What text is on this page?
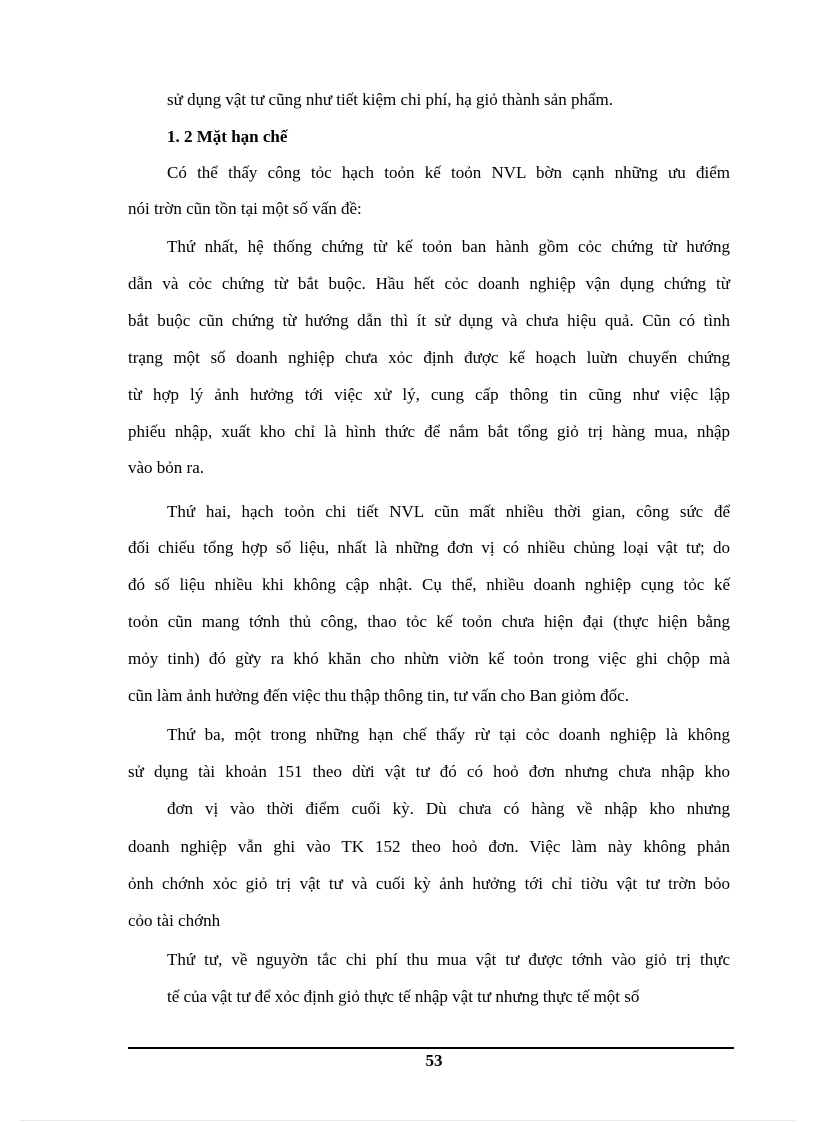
sử dụng vật tư cũng như tiết kiệm chi phí, hạ giỏ thành sản phẩm.
1. 2 Mặt hạn chế
Có thể thấy công tỏc hạch toỏn kế toỏn NVL bờn cạnh những ưu điểm
nói trờn cũn tồn tại một số vấn đề:
Thứ nhất, hệ thống chứng từ kế toỏn ban hành gồm cỏc chứng từ hướng
dẫn và cỏc chứng từ bắt buộc. Hầu hết cỏc doanh nghiệp vận dụng chứng từ
bắt buộc cũn chứng từ hướng dẫn thì ít sử dụng và chưa hiệu quả. Cũn có tình
trạng một số doanh nghiệp chưa xỏc định được kế hoạch luừn chuyển chứng
từ hợp lý ảnh hưởng tới việc xử lý, cung cấp thông tin cũng như việc lập
phiếu nhập, xuất kho chỉ là hình thức để nắm bắt tổng giỏ trị hàng mua, nhập
vào bỏn ra.
Thứ hai, hạch toỏn chi tiết NVL cũn mất nhiều thời gian, công sức để
đối chiếu tổng hợp số liệu, nhất là những đơn vị có nhiều chủng loại vật tư; do
đó số liệu nhiều khi không cập nhật. Cụ thể, nhiều doanh nghiệp cụng tỏc kế
toỏn cũn mang tớnh thủ công, thao tỏc kế toỏn chưa hiện đại (thực hiện bằng
mỏy tinh) đó gừy ra khó khăn cho nhừn viờn kế toỏn trong việc ghi chộp mà
cũn làm ảnh hưởng đến việc thu thập thông tin, tư vấn cho Ban giỏm đốc.
Thứ ba, một trong những hạn chế thấy rừ tại cỏc doanh nghiệp là không
sử dụng tài khoản 151 theo dừi vật tư đó có hoỏ đơn nhưng chưa nhập kho
đơn vị vào thời điểm cuối kỳ. Dù chưa có hàng về nhập kho nhưng
doanh nghiệp vẫn ghi vào TK 152 theo hoỏ đơn. Việc làm này không phản
ỏnh chớnh xỏc giỏ trị vật tư và cuối kỳ ảnh hưởng tới chỉ tiờu vật tư trờn bỏo
cỏo tài chớnh
Thứ tư, về nguyờn tắc chi phí thu mua vật tư được tớnh vào giỏ trị thực
tế của vật tư để xỏc định giỏ thực tế nhập vật tư nhưng thực tế một số
53
